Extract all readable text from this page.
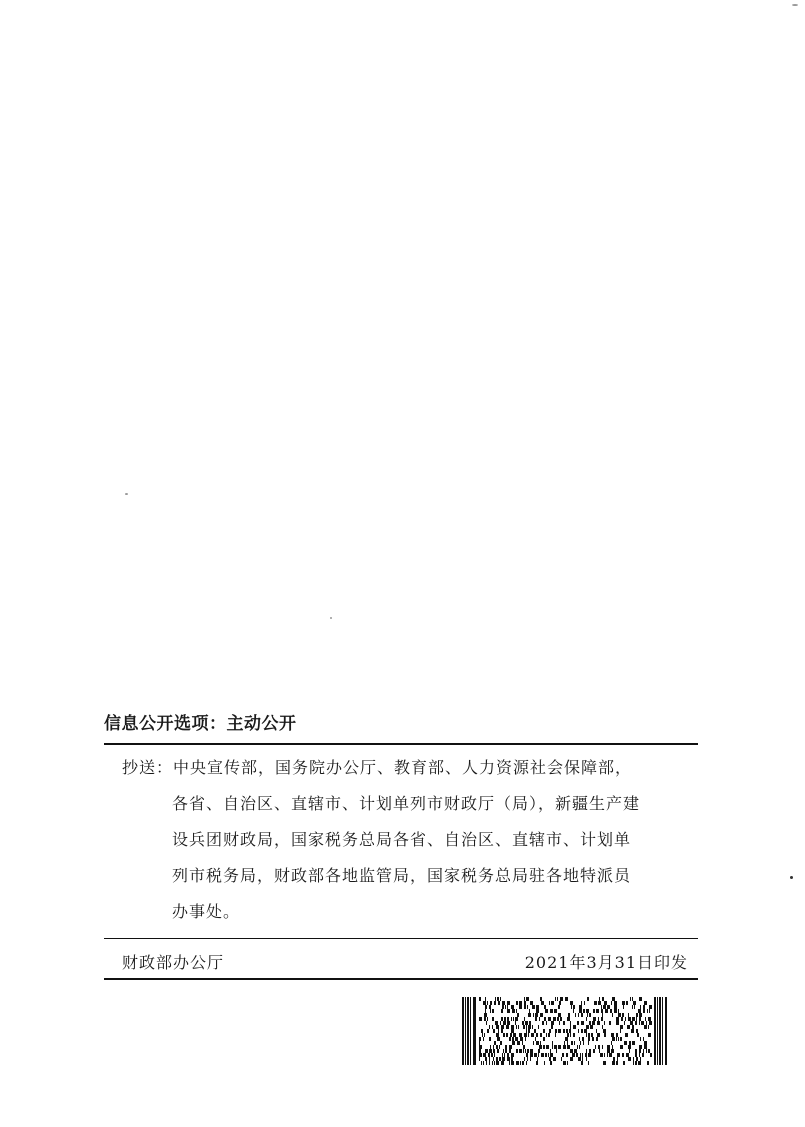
信息公开选项：主动公开
抄送：中央宣传部，国务院办公厅、教育部、人力资源社会保障部，
各省、自治区、直辖市、计划单列市财政厅（局），新疆生产建
设兵团财政局，国家税务总局各省、自治区、直辖市、计划单
列市税务局，财政部各地监管局，国家税务总局驻各地特派员
办事处。
财政部办公厅	2021年3月31日印发
